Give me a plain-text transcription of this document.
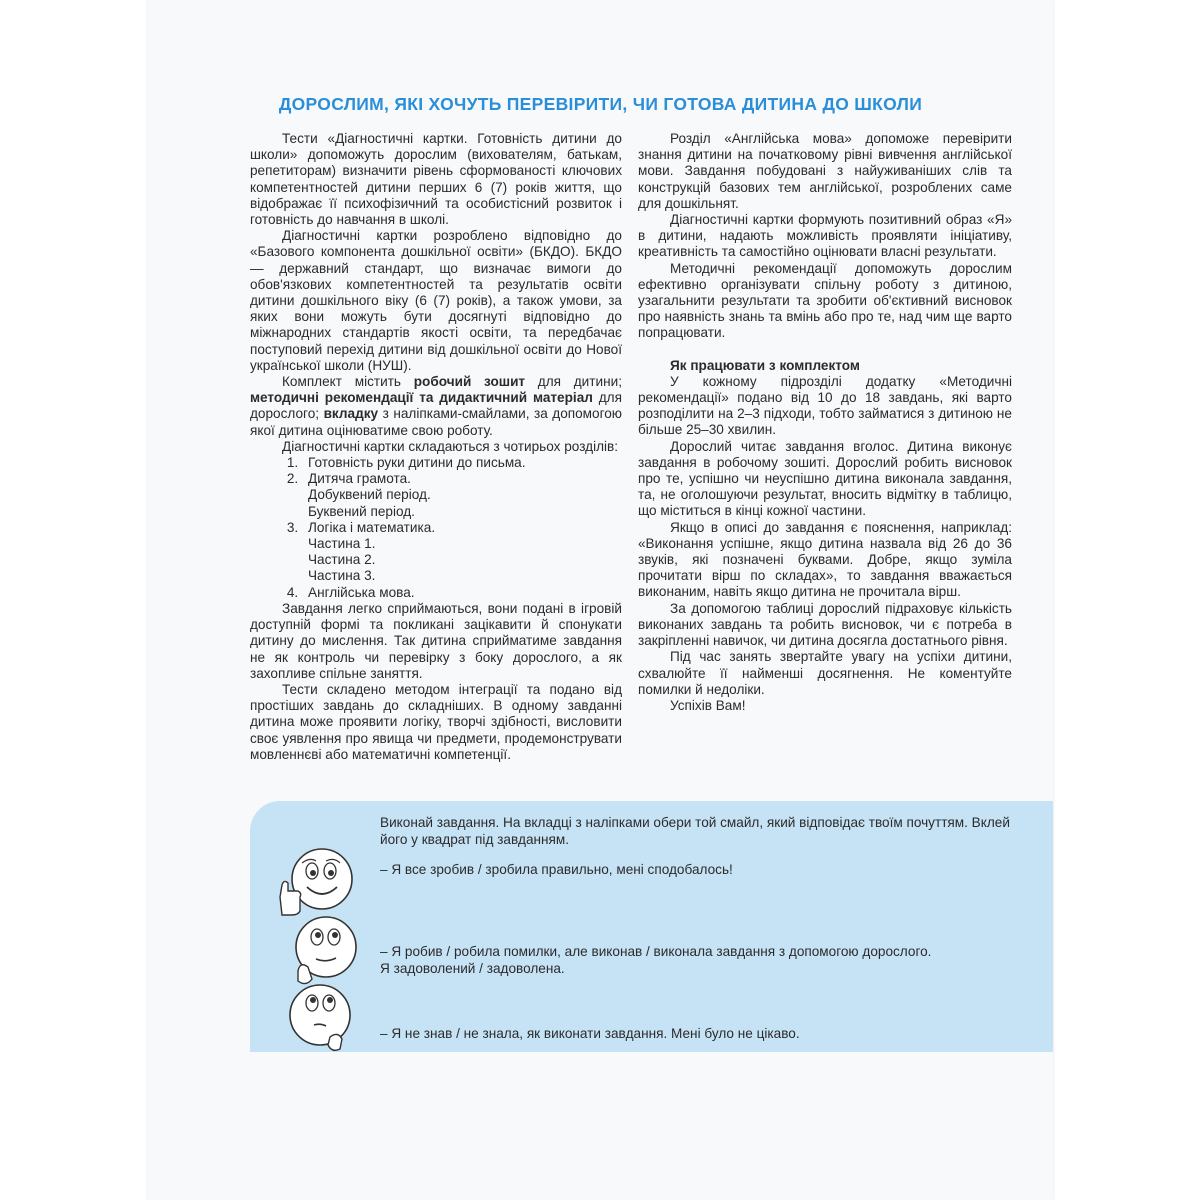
ДОРОСЛИМ, ЯКІ ХОЧУТЬ ПЕРЕВІРИТИ, ЧИ ГОТОВА ДИТИНА ДО ШКОЛИ

Тести «Діагностичні картки. Готовність дитини до школи» допоможуть дорослим (вихователям, батькам, репетиторам) визначити рівень сформованості ключових компетентностей дитини перших 6 (7) років життя, що відображає її психофізичний та особистісний розвиток і готовність до навчання в школі.

Діагностичні картки розроблено відповідно до «Базового компонента дошкільної освіти» (БКДО). БКДО — державний стандарт, що визначає вимоги до обов'язкових компетентностей та результатів освіти дитини дошкільного віку (6 (7) років), а також умови, за яких вони можуть бути досягнуті відповідно до міжнародних стандартів якості освіти, та передбачає поступовий перехід дитини від дошкільної освіти до Нової української школи (НУШ).

Комплект містить робочий зошит для дитини; методичні рекомендації та дидактичний матеріал для дорослого; вкладку з наліпками-смайлами, за допомогою якої дитина оцінюватиме свою роботу.

Діагностичні картки складаються з чотирьох розділів:

1. Готовність руки дитини до письма.
2. Дитяча грамота.
Добуквений період.
Буквений період.
3. Логіка і математика.
Частина 1.
Частина 2.
Частина 3.
4. Англійська мова.

Завдання легко сприймаються, вони подані в ігровій доступній формі та покликані зацікавити й спонукати дитину до мислення. Так дитина сприйматиме завдання не як контроль чи перевірку з боку дорослого, а як захопливе спільне заняття.

Тести складено методом інтеграції та подано від простіших завдань до складніших. В одному завданні дитина може проявити логіку, творчі здібності, висловити своє уявлення про явища чи предмети, продемонструвати мовленнєві або математичні компетенції.

Розділ «Англійська мова» допоможе перевірити знання дитини на початковому рівні вивчення англійської мови. Завдання побудовані з найуживаніших слів та конструкцій базових тем англійської, розроблених саме для дошкільнят.

Діагностичні картки формують позитивний образ «Я» в дитини, надають можливість проявляти ініціативу, креативність та самостійно оцінювати власні результати.

Методичні рекомендації допоможуть дорослим ефективно організувати спільну роботу з дитиною, узагальнити результати та зробити об'єктивний висновок про наявність знань та вмінь або про те, над чим ще варто попрацювати.

Як працювати з комплектом

У кожному підрозділі додатку «Методичні рекомендації» подано від 10 до 18 завдань, які варто розподілити на 2–3 підходи, тобто займатися з дитиною не більше 25–30 хвилин.

Дорослий читає завдання вголос. Дитина виконує завдання в робочому зошиті. Дорослий робить висновок про те, успішно чи неуспішно дитина виконала завдання, та, не оголошуючи результат, вносить відмітку в таблицю, що міститься в кінці кожної частини.

Якщо в описі до завдання є пояснення, наприклад: «Виконання успішне, якщо дитина назвала від 26 до 36 звуків, які позначені буквами. Добре, якщо зуміла прочитати вірш по складах», то завдання вважається виконаним, навіть якщо дитина не прочитала вірш.

За допомогою таблиці дорослий підраховує кількість виконаних завдань та робить висновок, чи є потреба в закріпленні навичок, чи дитина досягла достатнього рівня.

Під час занять звертайте увагу на успіхи дитини, схвалюйте її найменші досягнення. Не коментуйте помилки й недоліки.

Успіхів Вам!

Виконай завдання. На вкладці з наліпками обери той смайл, який відповідає твоїм почуттям. Вклей його у квадрат під завданням.

– Я все зробив / зробила правильно, мені сподобалось!

– Я робив / робила помилки, але виконав / виконала завдання з допомогою дорослого.

Я задоволений / задоволена.

– Я не знав / не знала, як виконати завдання. Мені було не цікаво.
